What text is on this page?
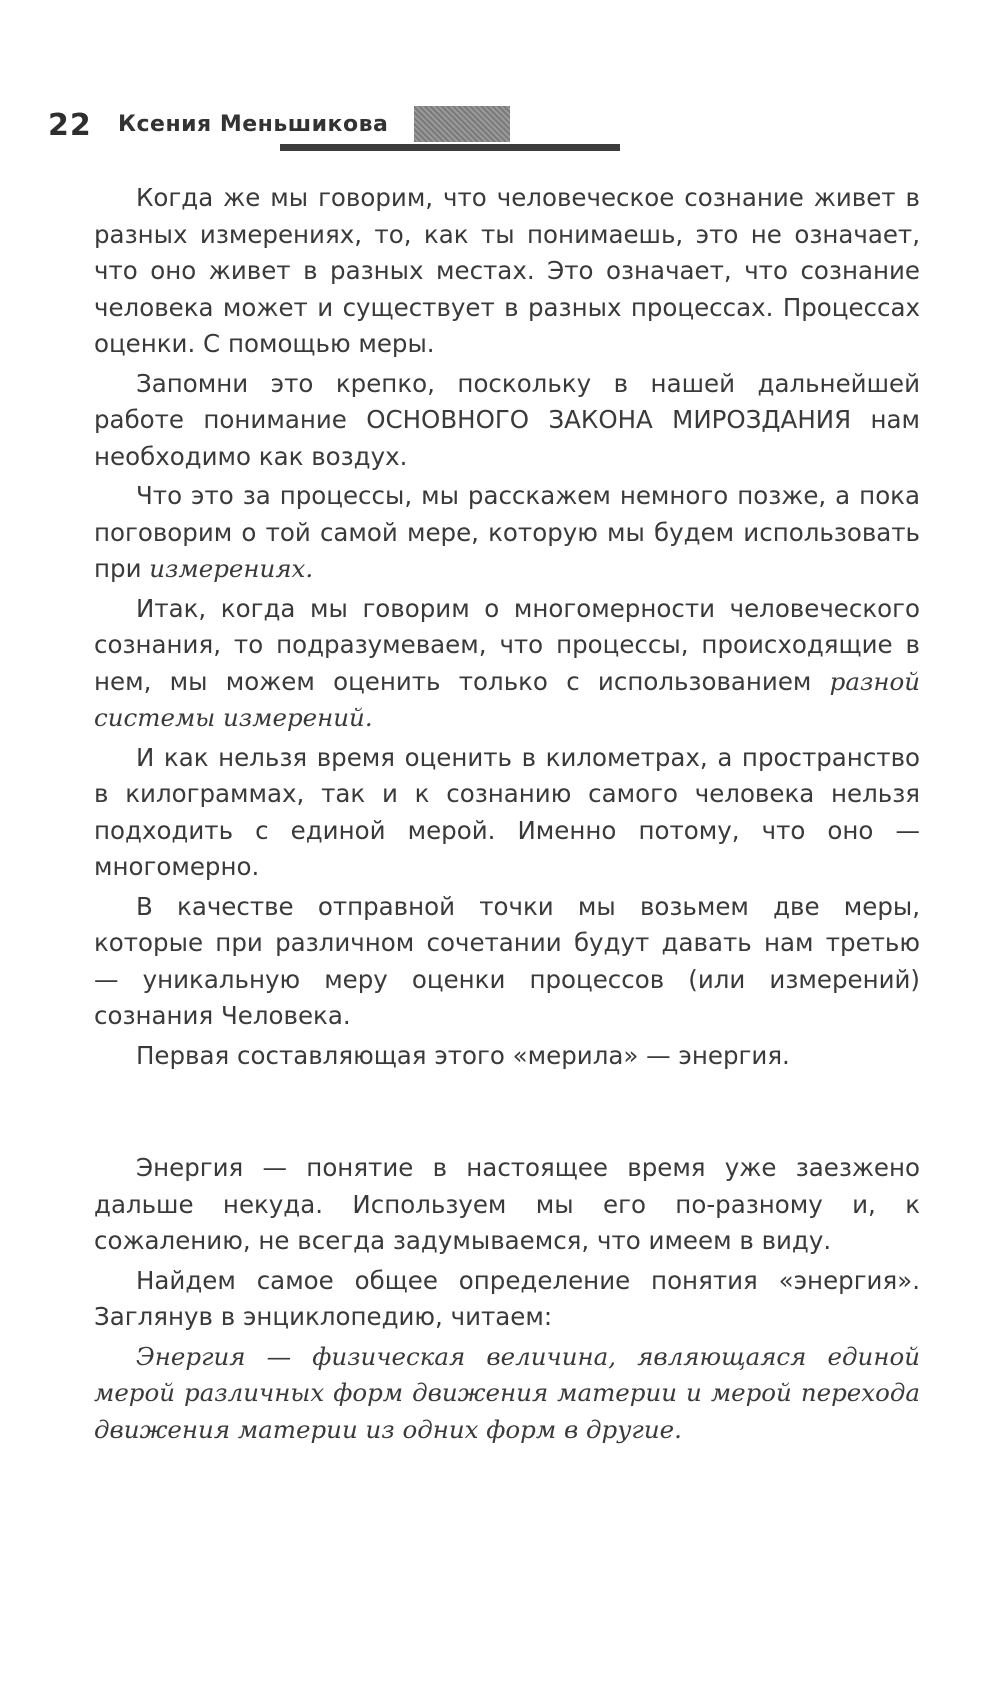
22 Ксения Меньшикова

Когда же мы говорим, что человеческое сознание живет в разных измерениях, то, как ты понимаешь, это не означает, что оно живет в разных местах. Это означает, что сознание человека может и существует в разных процессах. Процессах оценки. С помощью меры.

Запомни это крепко, поскольку в нашей дальнейшей работе понимание ОСНОВНОГО ЗАКОНА МИРОЗДАНИЯ нам необходимо как воздух.

Что это за процессы, мы расскажем немного позже, а пока поговорим о той самой мере, которую мы будем использовать при измерениях.

Итак, когда мы говорим о многомерности человеческого сознания, то подразумеваем, что процессы, происходящие в нем, мы можем оценить только с использованием разной системы измерений.

И как нельзя время оценить в километрах, а пространство в килограммах, так и к сознанию самого человека нельзя подходить с единой мерой. Именно потому, что оно — многомерно.

В качестве отправной точки мы возьмем две меры, которые при различном сочетании будут давать нам третью — уникальную меру оценки процессов (или измерений) сознания Человека.

Первая составляющая этого «мерила» — энергия.

Энергия — понятие в настоящее время уже заезжено дальше некуда. Используем мы его по-разному и, к сожалению, не всегда задумываемся, что имеем в виду.

Найдем самое общее определение понятия «энергия». Заглянув в энциклопедию, читаем:

Энергия — физическая величина, являющаяся единой мерой различных форм движения материи и мерой перехода движения материи из одних форм в другие.
